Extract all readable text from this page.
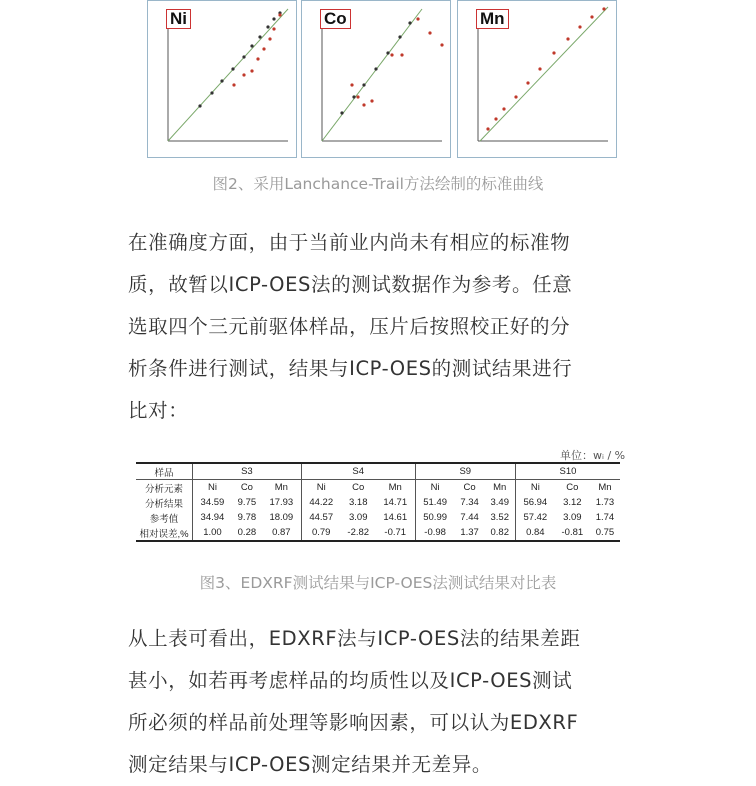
Ni	Co	Mn
图2、采用Lanchance-Trail方法绘制的标准曲线

在准确度方面，由于当前业内尚未有相应的标准物

质，故暂以ICP-OES法的测试数据作为参考。任意

选取四个三元前驱体样品，压片后按照校正好的分

析条件进行测试，结果与ICP-OES的测试结果进行

比对：

单位：wᵢ / %
样品	S3			S4			S9			S10		
分析元素	Ni	Co	Mn	Ni	Co	Mn	Ni	Co	Mn	Ni	Co	Mn
分析结果	34.59	9.75	17.93	44.22	3.18	14.71	51.49	7.34	3.49	56.94	3.12	1.73
参考值	34.94	9.78	18.09	44.57	3.09	14.61	50.99	7.44	3.52	57.42	3.09	1.74
相对误差,%	1.00	0.28	0.87	0.79	-2.82	-0.71	-0.98	1.37	0.82	0.84	-0.81	0.75
图3、EDXRF测试结果与ICP-OES法测试结果对比表

从上表可看出，EDXRF法与ICP-OES法的结果差距

甚小，如若再考虑样品的均质性以及ICP-OES测试

所必须的样品前处理等影响因素，可以认为EDXRF

测定结果与ICP-OES测定结果并无差异。
